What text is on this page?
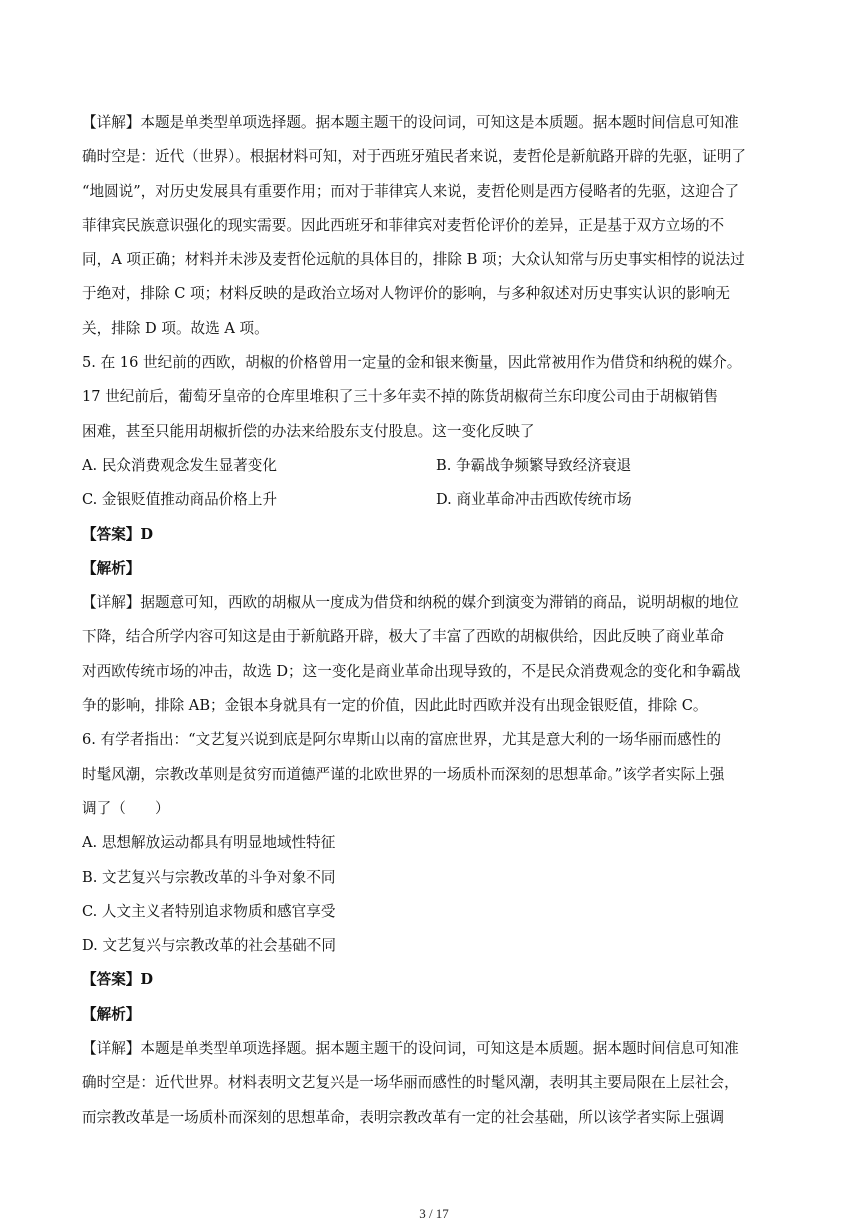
【详解】本题是单类型单项选择题。据本题主题干的设问词，可知这是本质题。据本题时间信息可知准
确时空是：近代（世界）。根据材料可知，对于西班牙殖民者来说，麦哲伦是新航路开辟的先驱，证明了
“地圆说”，对历史发展具有重要作用；而对于菲律宾人来说，麦哲伦则是西方侵略者的先驱，这迎合了
菲律宾民族意识强化的现实需要。因此西班牙和菲律宾对麦哲伦评价的差异，正是基于双方立场的不
同，A 项正确；材料并未涉及麦哲伦远航的具体目的，排除 B 项；大众认知常与历史事实相悖的说法过
于绝对，排除 C 项；材料反映的是政治立场对人物评价的影响，与多种叙述对历史事实认识的影响无
关，排除 D 项。故选 A 项。
5. 在 16 世纪前的西欧，胡椒的价格曾用一定量的金和银来衡量，因此常被用作为借贷和纳税的媒介。
17 世纪前后，葡萄牙皇帝的仓库里堆积了三十多年卖不掉的陈货胡椒荷兰东印度公司由于胡椒销售
困难，甚至只能用胡椒折偿的办法来给股东支付股息。这一变化反映了
A. 民众消费观念发生显著变化	B. 争霸战争频繁导致经济衰退
C. 金银贬值推动商品价格上升	D. 商业革命冲击西欧传统市场
【答案】D
【解析】
【详解】据题意可知，西欧的胡椒从一度成为借贷和纳税的媒介到演变为滞销的商品，说明胡椒的地位
下降，结合所学内容可知这是由于新航路开辟，极大了丰富了西欧的胡椒供给，因此反映了商业革命
对西欧传统市场的冲击，故选 D；这一变化是商业革命出现导致的，不是民众消费观念的变化和争霸战
争的影响，排除 AB；金银本身就具有一定的价值，因此此时西欧并没有出现金银贬值，排除 C。
6. 有学者指出：“文艺复兴说到底是阿尔卑斯山以南的富庶世界，尤其是意大利的一场华丽而感性的
时髦风潮，宗教改革则是贫穷而道德严谨的北欧世界的一场质朴而深刻的思想革命。”该学者实际上强
调了（　　）
A. 思想解放运动都具有明显地域性特征
B. 文艺复兴与宗教改革的斗争对象不同
C. 人文主义者特别追求物质和感官享受
D. 文艺复兴与宗教改革的社会基础不同
【答案】D
【解析】
【详解】本题是单类型单项选择题。据本题主题干的设问词，可知这是本质题。据本题时间信息可知准
确时空是：近代世界。材料表明文艺复兴是一场华丽而感性的时髦风潮，表明其主要局限在上层社会，
而宗教改革是一场质朴而深刻的思想革命，表明宗教改革有一定的社会基础，所以该学者实际上强调
3 / 17
